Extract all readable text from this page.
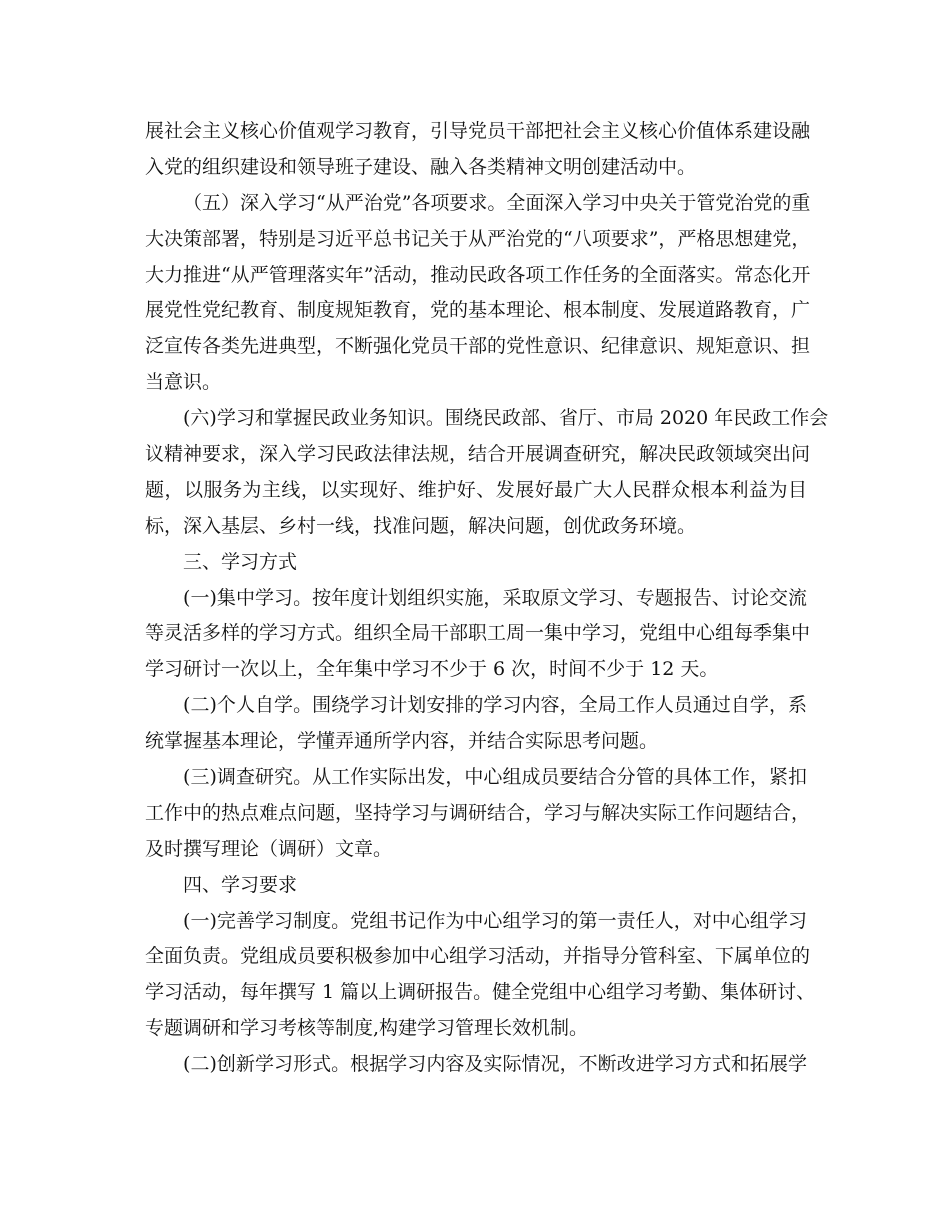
展社会主义核心价值观学习教育，引导党员干部把社会主义核心价值体系建设融
入党的组织建设和领导班子建设、融入各类精神文明创建活动中。
（五）深入学习“从严治党”各项要求。全面深入学习中央关于管党治党的重
大决策部署，特别是习近平总书记关于从严治党的“八项要求”，严格思想建党，
大力推进“从严管理落实年”活动，推动民政各项工作任务的全面落实。常态化开
展党性党纪教育、制度规矩教育，党的基本理论、根本制度、发展道路教育，广
泛宣传各类先进典型，不断强化党员干部的党性意识、纪律意识、规矩意识、担
当意识。
(六)学习和掌握民政业务知识。围绕民政部、省厅、市局 2020 年民政工作会
议精神要求，深入学习民政法律法规，结合开展调查研究，解决民政领域突出问
题，以服务为主线，以实现好、维护好、发展好最广大人民群众根本利益为目
标，深入基层、乡村一线，找准问题，解决问题，创优政务环境。
三、学习方式
(一)集中学习。按年度计划组织实施，采取原文学习、专题报告、讨论交流
等灵活多样的学习方式。组织全局干部职工周一集中学习，党组中心组每季集中
学习研讨一次以上，全年集中学习不少于 6 次，时间不少于 12 天。
(二)个人自学。围绕学习计划安排的学习内容，全局工作人员通过自学，系
统掌握基本理论，学懂弄通所学内容，并结合实际思考问题。
(三)调查研究。从工作实际出发，中心组成员要结合分管的具体工作，紧扣
工作中的热点难点问题，坚持学习与调研结合，学习与解决实际工作问题结合，
及时撰写理论（调研）文章。
四、学习要求
(一)完善学习制度。党组书记作为中心组学习的第一责任人，对中心组学习
全面负责。党组成员要积极参加中心组学习活动，并指导分管科室、下属单位的
学习活动，每年撰写 1 篇以上调研报告。健全党组中心组学习考勤、集体研讨、
专题调研和学习考核等制度,构建学习管理长效机制。
(二)创新学习形式。根据学习内容及实际情况，不断改进学习方式和拓展学
